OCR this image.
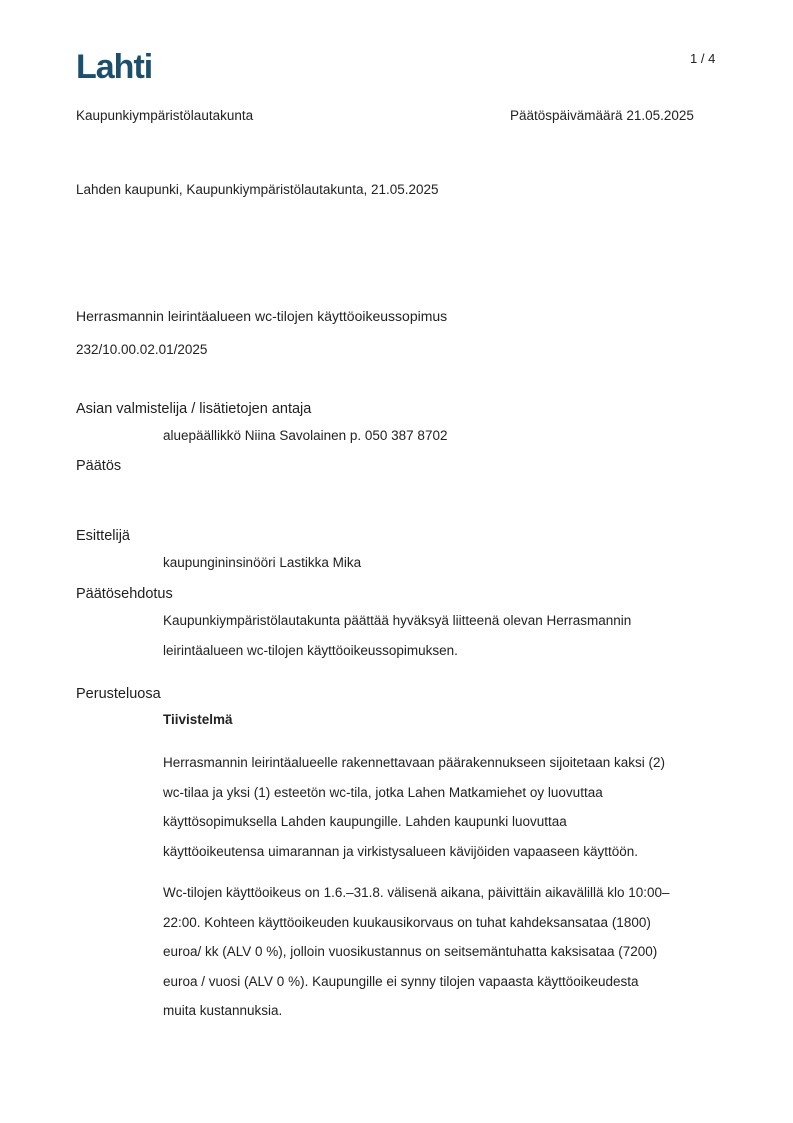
Lahti	1 / 4
Kaupunkiympäristölautakunta	Päätöspäivämäärä 21.05.2025
Lahden kaupunki, Kaupunkiympäristölautakunta, 21.05.2025
Herrasmannin leirintäalueen wc-tilojen käyttöoikeussopimus
232/10.00.02.01/2025
Asian valmistelija / lisätietojen antaja
aluepäällikkö Niina Savolainen p. 050 387 8702
Päätös
Esittelijä
kaupungininsinööri Lastikka Mika
Päätösehdotus
Kaupunkiympäristölautakunta päättää hyväksyä liitteenä olevan Herrasmannin
leirintäalueen wc-tilojen käyttöoikeussopimuksen.
Perusteluosa
Tiivistelmä
Herrasmannin leirintäalueelle rakennettavaan päärakennukseen sijoitetaan kaksi (2)
wc-tilaa ja yksi (1) esteetön wc-tila, jotka Lahen Matkamiehet oy luovuttaa
käyttösopimuksella Lahden kaupungille. Lahden kaupunki luovuttaa
käyttöoikeutensa uimarannan ja virkistysalueen kävijöiden vapaaseen käyttöön.
Wc-tilojen käyttöoikeus on 1.6.–31.8. välisenä aikana, päivittäin aikavälillä klo 10:00–
22:00. Kohteen käyttöoikeuden kuukausikorvaus on tuhat kahdeksansataa (1800)
euroa/ kk (ALV 0 %), jolloin vuosikustannus on seitsemäntuhatta kaksisataa (7200)
euroa / vuosi (ALV 0 %). Kaupungille ei synny tilojen vapaasta käyttöoikeudesta
muita kustannuksia.
